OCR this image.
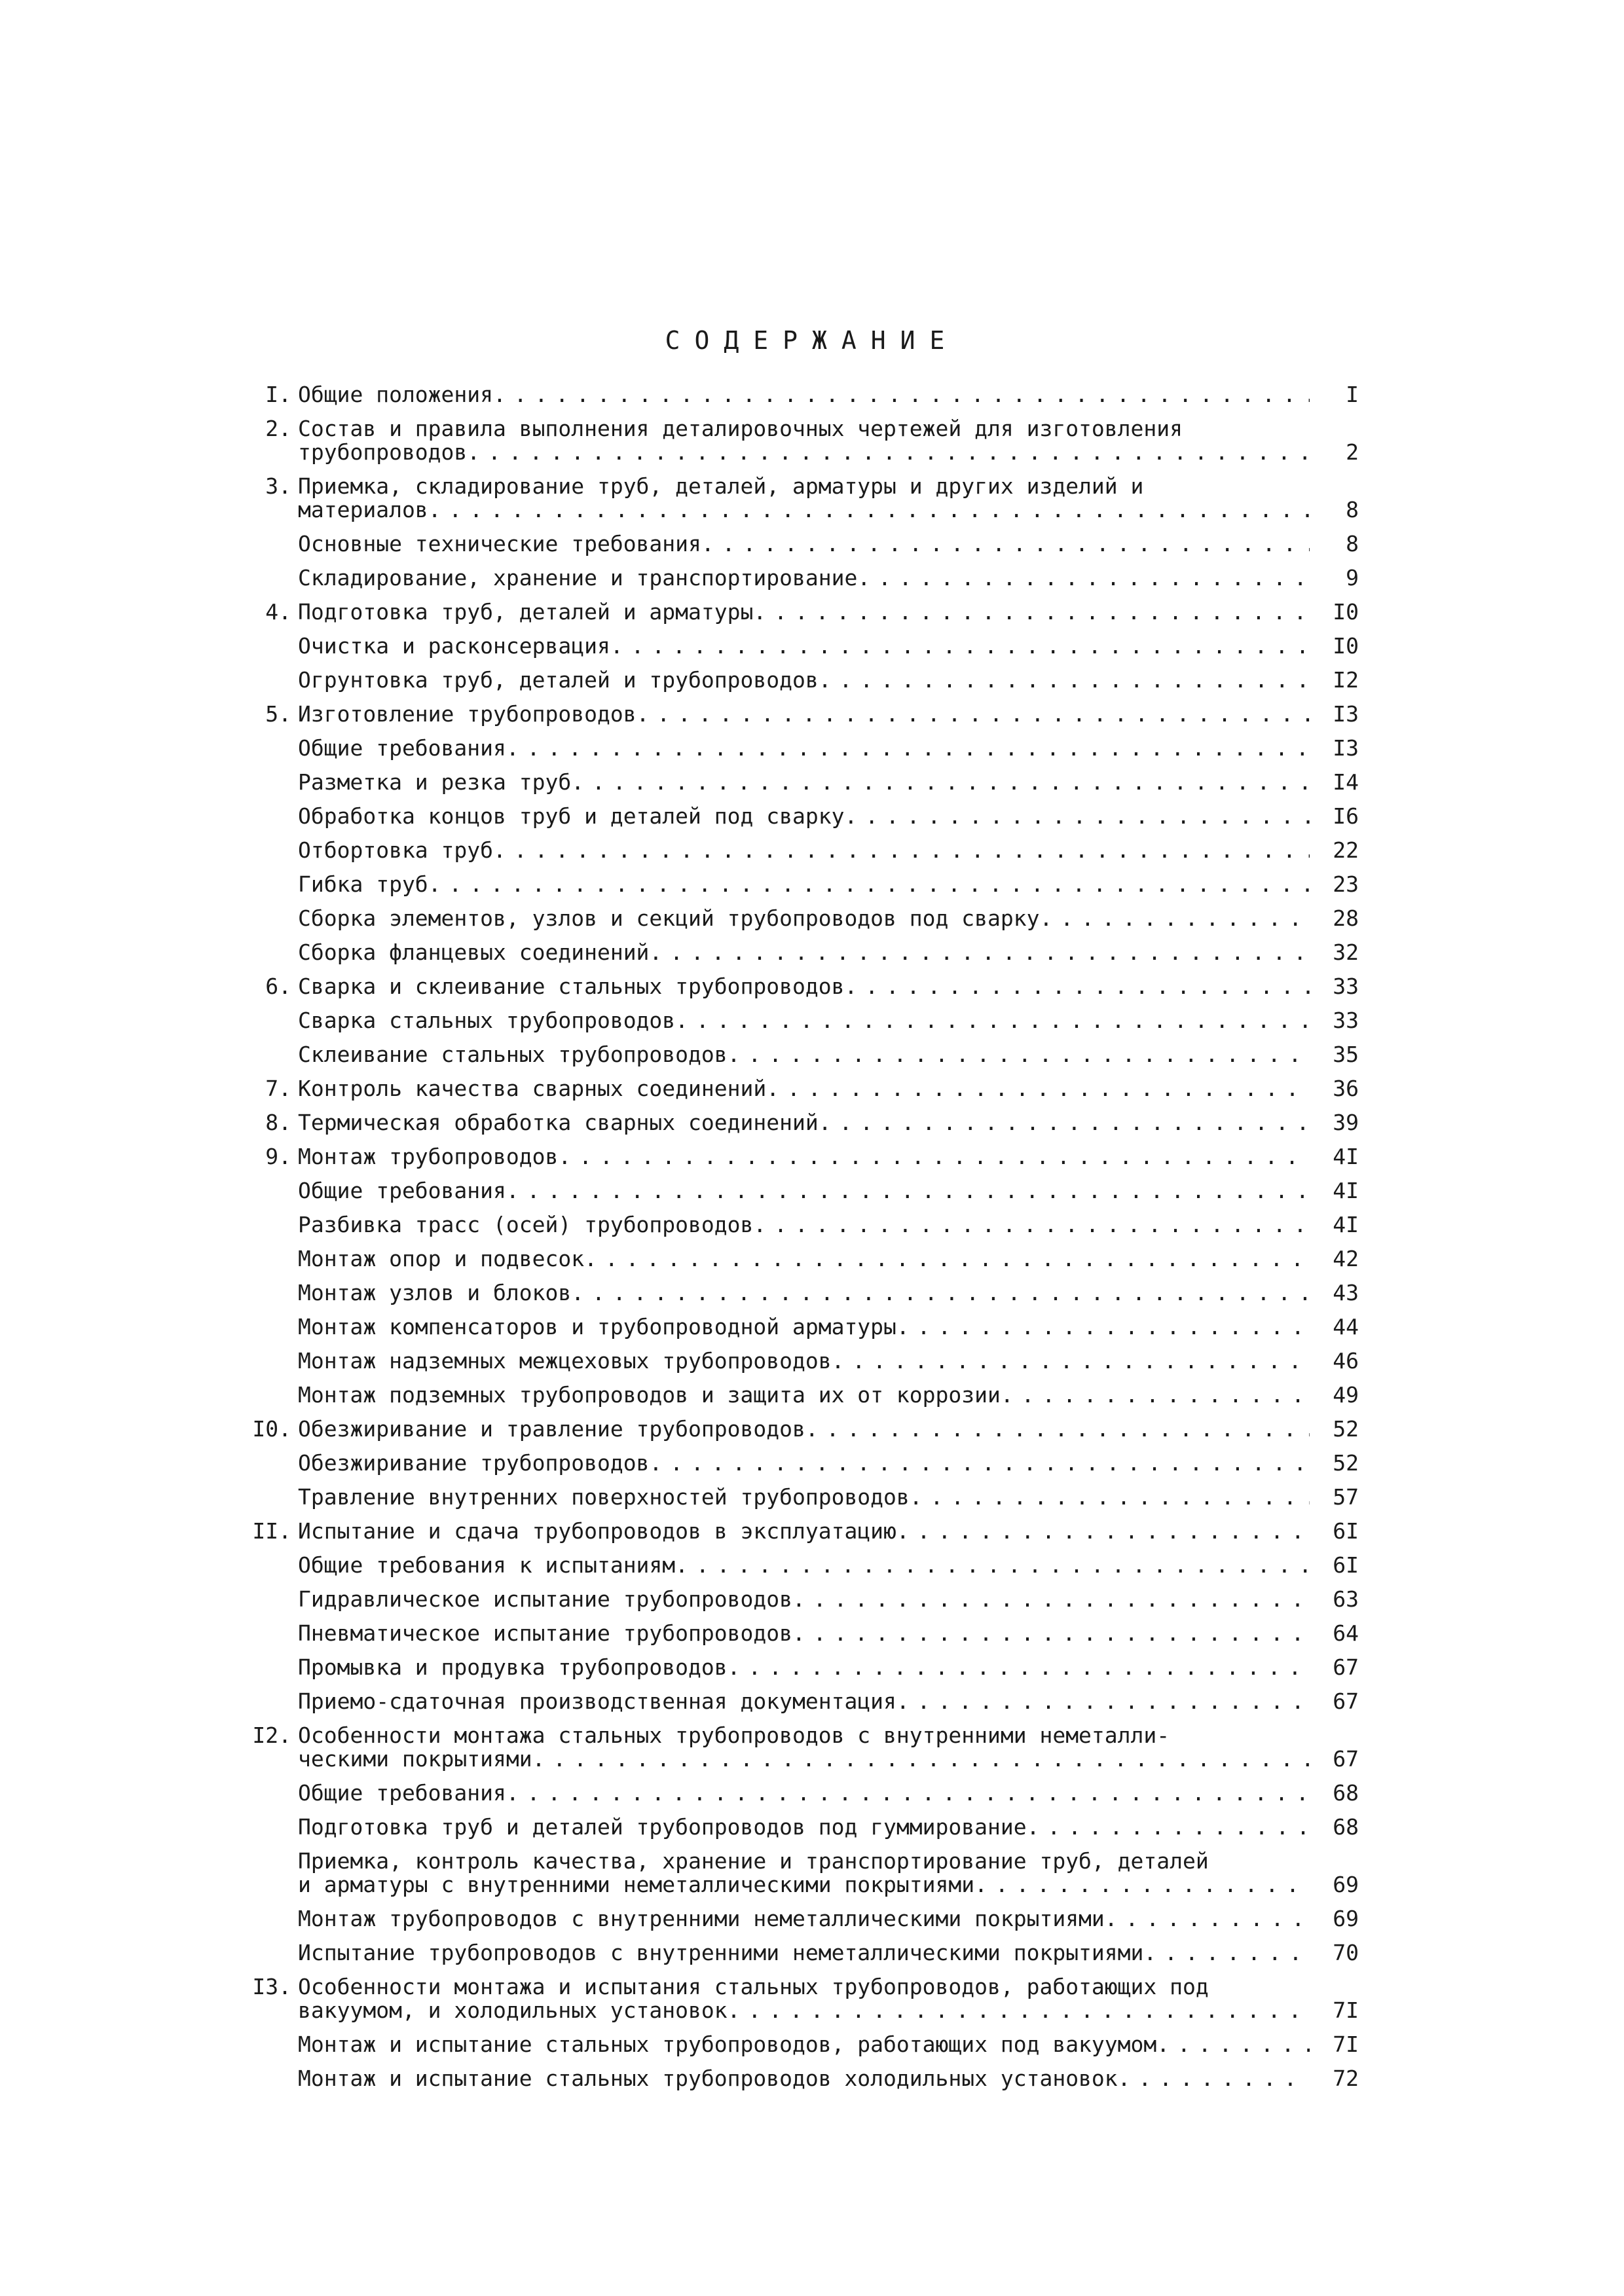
СОДЕРЖАНИЕ
I. Общие положения . . .	I
2. Состав и правила выполнения деталировочных чертежей для изготовления
трубопроводов . . .	2
3. Приемка, складирование труб, деталей, арматуры и других изделий и
материалов . . .	8
Основные технические требования . . .	8
Складирование, хранение и транспортирование . . .	9
4. Подготовка труб, деталей и арматуры . . .	I0
Очистка и расконсервация . . .	I0
Огрунтовка труб, деталей и трубопроводов . . .	I2
5. Изготовление трубопроводов . . .	I3
Общие требования . . .	I3
Разметка и резка труб . . .	I4
Обработка концов труб и деталей под сварку . . .	I6
Отбортовка труб . . .	22
Гибка труб . . .	23
Сборка элементов, узлов и секций трубопроводов под сварку . . .	28
Сборка фланцевых соединений . . .	32
6. Сварка и склеивание стальных трубопроводов . . .	33
Сварка стальных трубопроводов . . .	33
Склеивание стальных трубопроводов . . .	35
7. Контроль качества сварных соединений . . .	36
8. Термическая обработка сварных соединений . . .	39
9. Монтаж трубопроводов . . .	4I
Общие требования . . .	4I
Разбивка трасс (осей) трубопроводов . . .	4I
Монтаж опор и подвесок . . .	42
Монтаж узлов и блоков . . .	43
Монтаж компенсаторов и трубопроводной арматуры . . .	44
Монтаж надземных межцеховых трубопроводов . . .	46
Монтаж подземных трубопроводов и защита их от коррозии . . .	49
I0. Обезжиривание и травление трубопроводов . . .	52
Обезжиривание трубопроводов . . .	52
Травление внутренних поверхностей трубопроводов . . .	57
II. Испытание и сдача трубопроводов в эксплуатацию . . .	6I
Общие требования к испытаниям . . .	6I
Гидравлическое испытание трубопроводов . . .	63
Пневматическое испытание трубопроводов . . .	64
Промывка и продувка трубопроводов . . .	67
Приемо-сдаточная производственная документация . . .	67
I2. Особенности монтажа стальных трубопроводов с внутренними неметалли-
ческими покрытиями . . .	67
Общие требования . . .	68
Подготовка труб и деталей трубопроводов под гуммирование . . .	68
Приемка, контроль качества, хранение и транспортирование труб, деталей
и арматуры с внутренними неметаллическими покрытиями . . .	69
Монтаж трубопроводов с внутренними неметаллическими покрытиями . . .	69
Испытание трубопроводов с внутренними неметаллическими покрытиями . . .	70
I3. Особенности монтажа и испытания стальных трубопроводов, работающих под
вакуумом, и холодильных установок . . .	7I
Монтаж и испытание стальных трубопроводов, работающих под вакуумом . . .	7I
Монтаж и испытание стальных трубопроводов холодильных установок . . .	72
